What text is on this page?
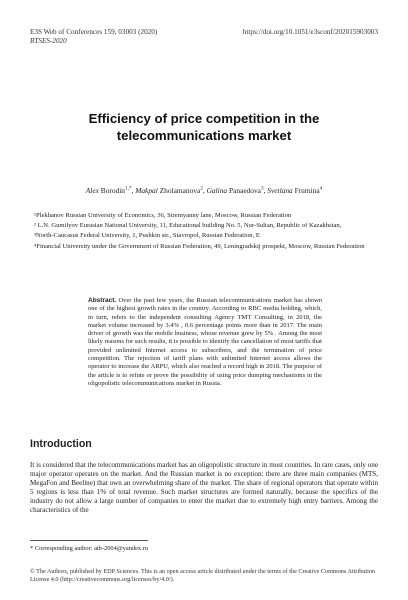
E3S Web of Conferences 159, 03003 (2020)	https://doi.org/10.1051/e3sconf/202015903003
BTSES-2020
Efficiency of price competition in the telecommunications market
Alex Borodin$^{1,*}$, Makpal Zholamanova$^2$, Galina Panaedova$^3$, Svetlana Frumina$^4$

¹Plekhanov Russian University of Economics, 36, Stremyanny lane, Moscow, Russian Federation

² L.N. Gumilyov Eurasian National University, 11, Educational building No. 5, Nur-Sultan, Republic of Kazakhstan,

³North-Caucasus Federal University, 1, Pushkin str., Stavropol, Russian Federation, E

⁴Financial University under the Government of Russian Federation, 49, Leningradskij prospekt, Moscow, Russian Federation

Abstract. Over the past few years, the Russian telecommunications market has shown one of the highest growth rates in the country. According to RBC media holding, which, in turn, refers to the independent consulting Agency TMT Consulting, in 2018, the market volume increased by 3.4% , 0.6 percentage points more than in 2017. The main driver of growth was the mobile business, whose revenue grew by 5% . Among the most likely reasons for such results, it is possible to identify the cancellation of most tariffs that provided unlimited Internet access to subscribers, and the termination of price competition. The rejection of tariff plans with unlimited Internet access allows the operator to increase the ARPU, which also reached a record high in 2018. The purpose of the article is to refute or prove the possibility of using price dumping mechanisms in the oligopolistic telecommunications market in Russia.
Introduction
It is considered that the telecommunications market has an oligopolistic structure in most countries. In rare cases, only one major operator operates on the market. And the Russian market is no exception: there are three main companies (MTS, MegaFon and Beeline) that own an overwhelming share of the market. The share of regional operators that operate within 5 regions is less than 1% of total revenue. Such market structures are formed naturally, because the specifics of the industry do not allow a large number of companies to enter the market due to extremely high entry barriers. Among the characteristics of the
* Corresponding author: aib-2004@yandex.ru
© The Authors, published by EDP Sciences. This is an open access article distributed under the terms of the Creative Commons Attribution License 4.0 (http://creativecommons.org/licenses/by/4.0/).
